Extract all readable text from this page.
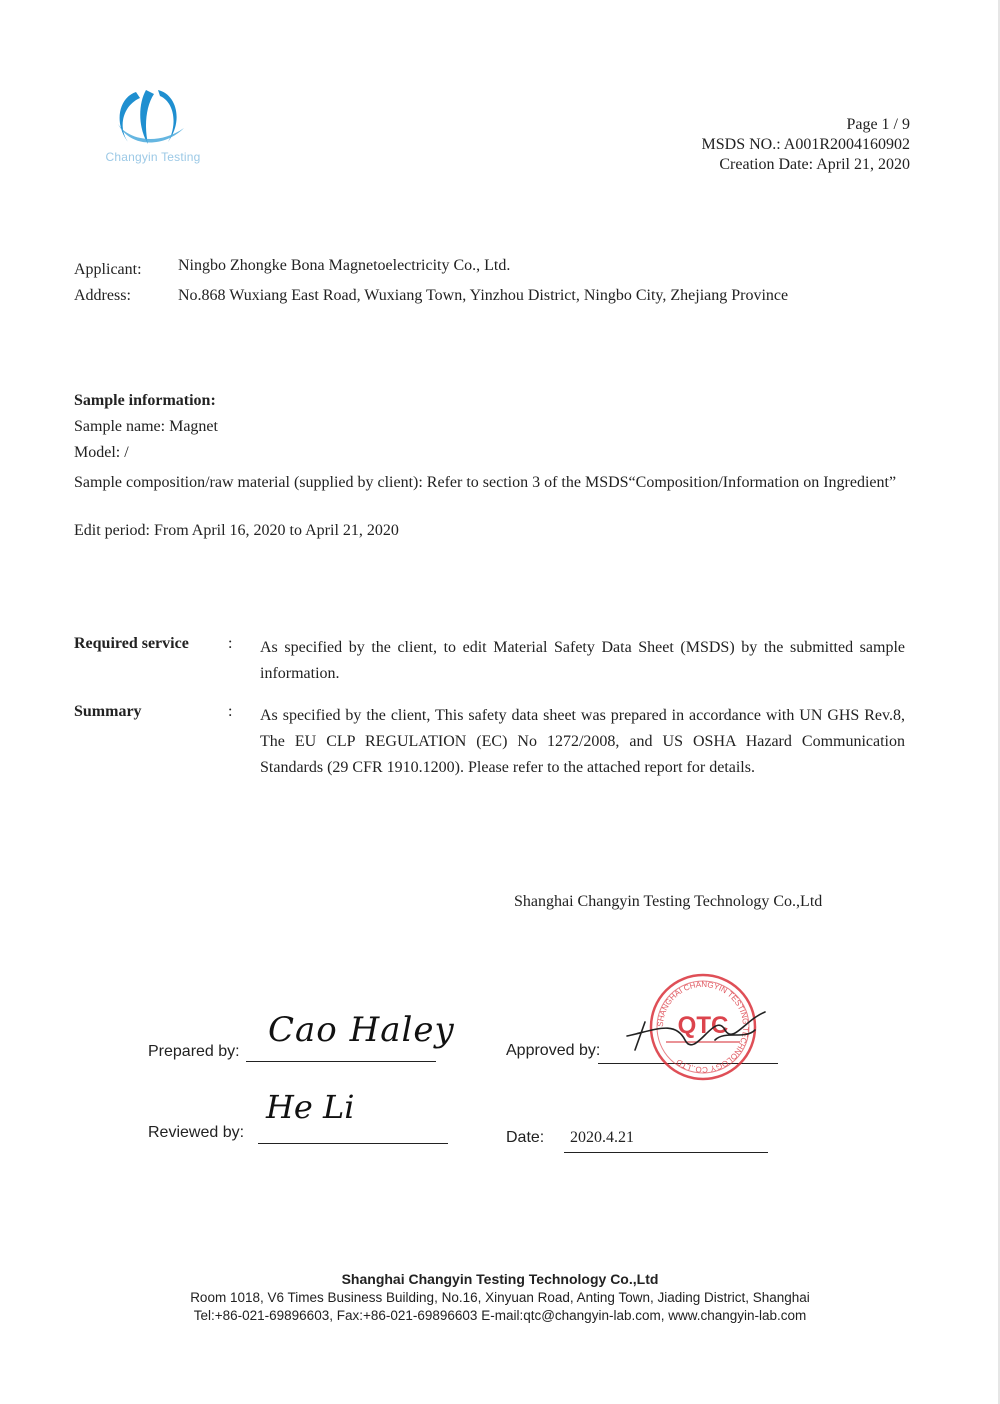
Changyin Testing
Page 1 / 9
MSDS NO.: A001R2004160902
Creation Date: April 21, 2020
Applicant: Ningbo Zhongke Bona Magnetoelectricity Co., Ltd.
Address:	No.868 Wuxiang East Road, Wuxiang Town, Yinzhou District, Ningbo City, Zhejiang Province
Sample information:
Sample name: Magnet
Model: /
Sample composition/raw material (supplied by client): Refer to section 3 of the MSDS“Composition/Information on Ingredient”
Edit period: From April 16, 2020 to April 21, 2020
Required service : As specified by the client, to edit Material Safety Data Sheet (MSDS) by the submitted sample information.
Summary	: As specified by the client, This safety data sheet was prepared in accordance with UN GHS Rev.8, The EU CLP REGULATION (EC) No 1272/2008, and US OSHA Hazard Communication Standards (29 CFR 1910.1200). Please refer to the attached report for details.
Shanghai Changyin Testing Technology Co.,Ltd
Prepared by:
Cao Haley
Approved by:
SHANGHAI CHANGYIN TESTING TECHNOLOGY CO.,LTD
QTC
Reviewed by:
He Li
Date: 2020.4.21
Shanghai Changyin Testing Technology Co.,Ltd
Room 1018, V6 Times Business Building, No.16, Xinyuan Road, Anting Town, Jiading District, Shanghai
Tel:+86-021-69896603, Fax:+86-021-69896603 E-mail:qtc@changyin-lab.com, www.changyin-lab.com
